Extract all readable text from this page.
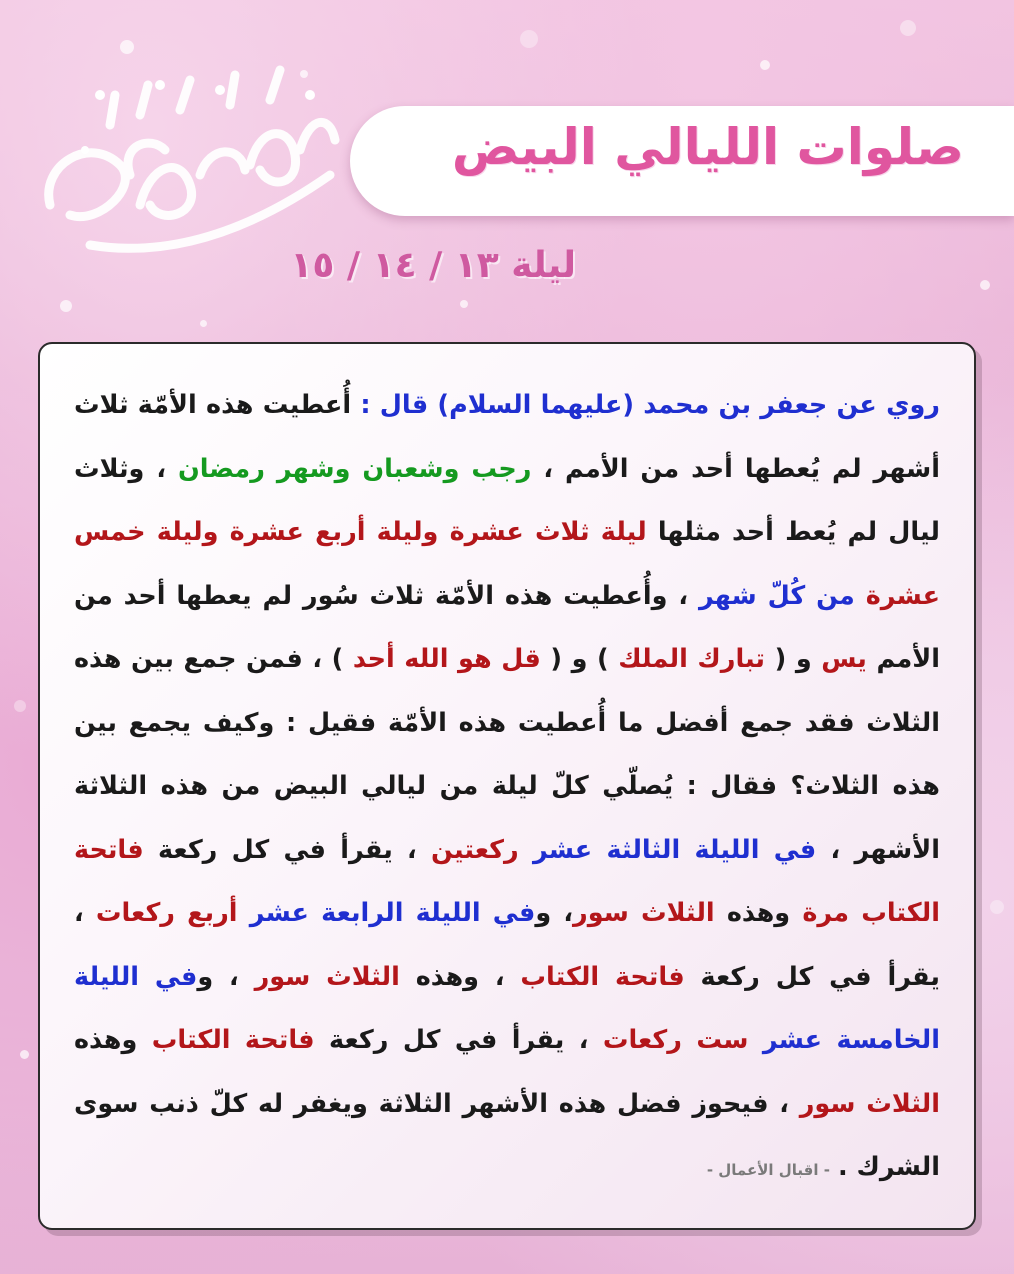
صلوات الليالي البيض
ليلة ١٣ / ١٤ / ١٥
روي عن جعفر بن محمد (عليهما السلام) قال : أُعطيت هذه الأمّة ثلاث أشهر لم يُعطها أحد من الأمم ، رجب وشعبان وشهر رمضان ، وثلاث ليال لم يُعط أحد مثلها ليلة ثلاث عشرة وليلة أربع عشرة وليلة خمس عشرة من كُلّ شهر ، وأُعطيت هذه الأمّة ثلاث سُور لم يعطها أحد من الأمم يس و ( تبارك الملك ) و ( قل هو الله أحد ) ، فمن جمع بين هذه الثلاث فقد جمع أفضل ما أُعطيت هذه الأمّة فقيل : وكيف يجمع بين هذه الثلاث؟ فقال : يُصلّي كلّ ليلة من ليالي البيض من هذه الثلاثة الأشهر ، في الليلة الثالثة عشر ركعتين ، يقرأ في كل ركعة فاتحة الكتاب مرة وهذه الثلاث سور، وفي الليلة الرابعة عشر أربع ركعات ، يقرأ في كل ركعة فاتحة الكتاب ، وهذه الثلاث سور ، وفي الليلة الخامسة عشر ست ركعات ، يقرأ في كل ركعة فاتحة الكتاب وهذه الثلاث سور ، فيحوز فضل هذه الأشهر الثلاثة ويغفر له كلّ ذنب سوى الشرك .- اقبال الأعمال -
